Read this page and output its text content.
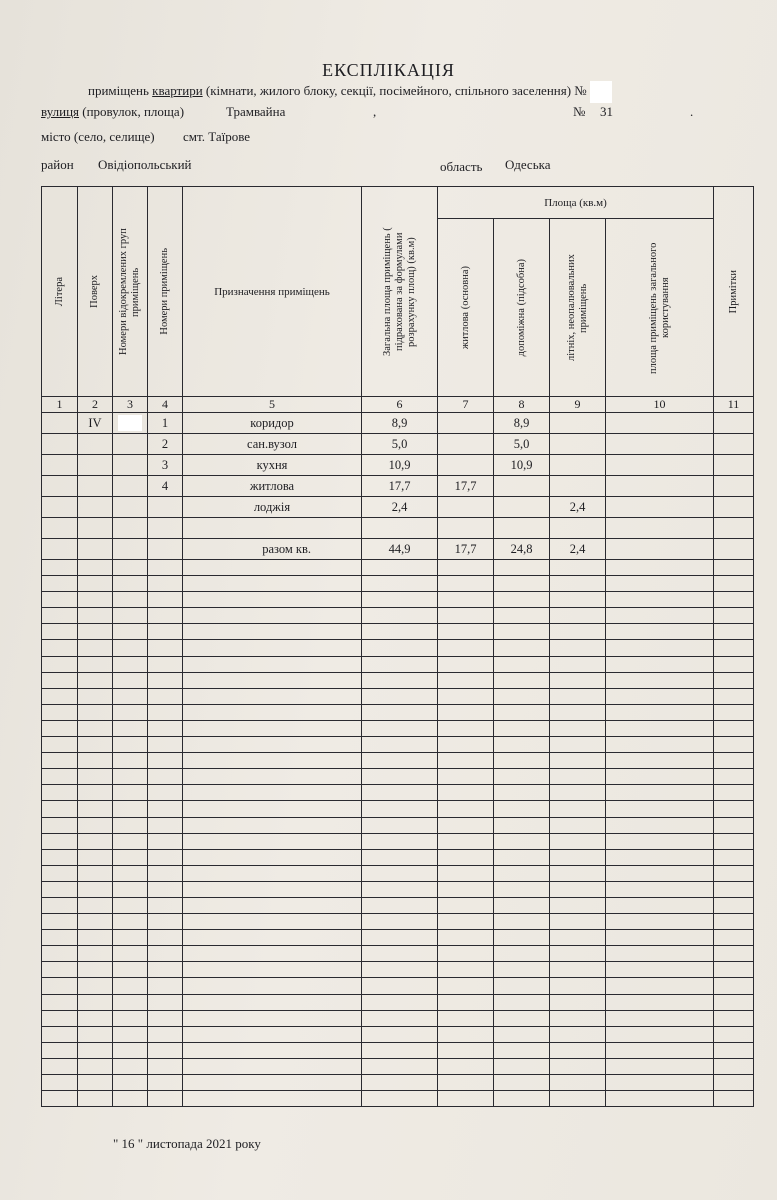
ЕКСПЛІКАЦІЯ
приміщень квартири (кімнати, жилого блоку, секції, посімейного, спільного заселення) №
вулиця (провулок, площа)	Трамвайна	,	№ 31	.
місто (село, селище) смт. Таїрове
район Овідіопольський	область Одеська
Літера	Поверх	Номери відокремлених груп приміщень	Номери приміщень	Призначення приміщень	Загальна площа приміщень ( підрахована за формулами розрахунку площ) (кв.м)	Площа (кв.м)				Примітки

						житлова (основна)	допоміжна (підсобна)	літніх, неопалювальних приміщень	площа приміщень загального користування	

1	2	3	4	5	6	7	8	9	10	11
	IV		1	коридор	8,9		8,9			
			2	сан.вузол	5,0		5,0			
			3	кухня	10,9		10,9			
			4	житлова	17,7	17,7				
				лоджія	2,4			2,4		

				разом кв.	44,9	17,7	24,8	2,4		

" 16 " листопада 2021 року
